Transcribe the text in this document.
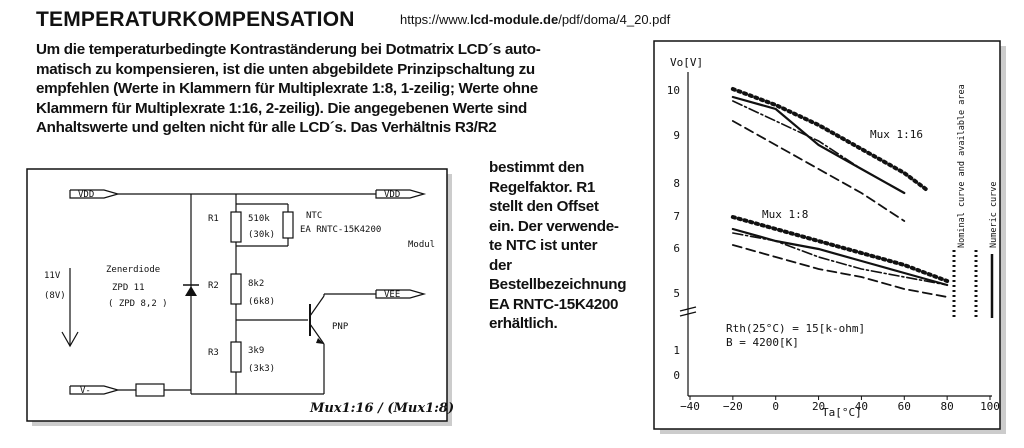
TEMPERATURKOMPENSATION	https://www.lcd-module.de/pdf/doma/4_20.pdf

Um die temperaturbedingte Kontraständerung bei Dotmatrix LCD´s auto-

matisch zu kompensieren, ist die unten abgebildete Prinzipschaltung zu

empfehlen (Werte in Klammern für Multiplexrate 1:8, 1-zeilig; Werte ohne

Klammern für Multiplexrate 1:16, 2-zeilig). Die angegebenen Werte sind

Anhaltswerte und gelten nicht für alle LCD´s. Das Verhältnis R3/R2

bestimmt den

Regelfaktor. R1

stellt den Offset

ein. Der verwende-

te NTC ist unter

der

Bestellbezeichnung

EA RNTC-15K4200

erhältlich.

VDD	VDD
11V
(8V)
Zenerdiode
ZPD 11
( ZPD 8,2 )
R1	510k
(30k)
NTC
EA RNTC-15K4200
Modul
R2	8k2
(6k8)
VEE
PNP
R3	3k9
(3k3)
V-
Mux1:16 / (Mux1:8)
Vo[V]
Ta[°C]
−40 −20	0	20	40	60	80 100
0
1
5
6
7
8
9
10
Mux 1:16
Mux 1:8
Rth(25°C) = 15[k-ohm]
B = 4200[K]
Nominal curve and available area	Numeric curve
